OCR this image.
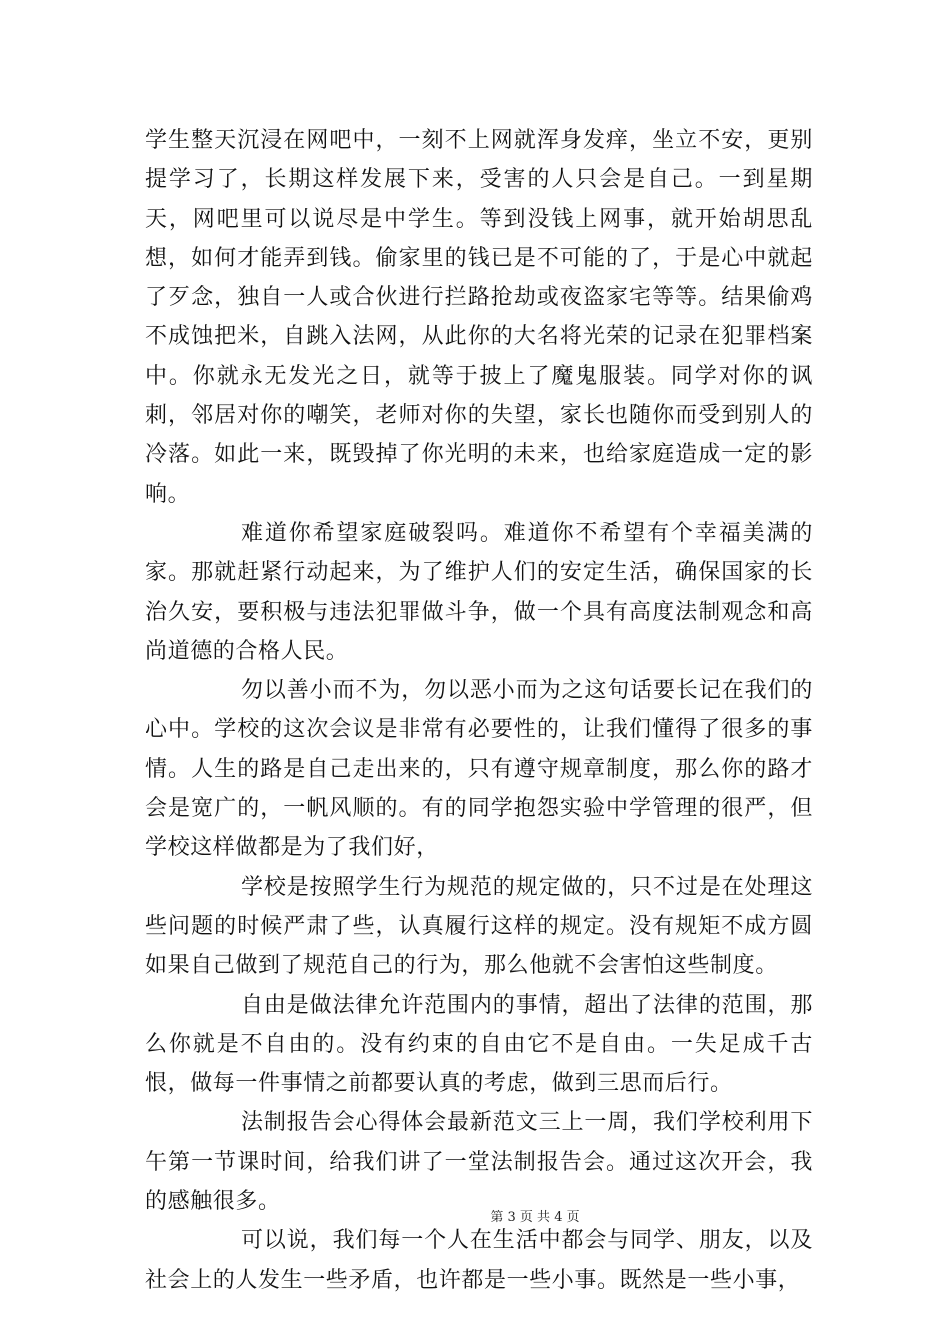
学生整天沉浸在网吧中，一刻不上网就浑身发痒，坐立不安，更别提学习了，长期这样发展下来，受害的人只会是自己。一到星期天，网吧里可以说尽是中学生。等到没钱上网事，就开始胡思乱想，如何才能弄到钱。偷家里的钱已是不可能的了，于是心中就起了歹念，独自一人或合伙进行拦路抢劫或夜盗家宅等等。结果偷鸡不成蚀把米，自跳入法网，从此你的大名将光荣的记录在犯罪档案中。你就永无发光之日，就等于披上了魔鬼服装。同学对你的讽刺，邻居对你的嘲笑，老师对你的失望，家长也随你而受到别人的冷落。如此一来，既毁掉了你光明的未来，也给家庭造成一定的影响。

难道你希望家庭破裂吗。难道你不希望有个幸福美满的家。那就赶紧行动起来，为了维护人们的安定生活，确保国家的长治久安，要积极与违法犯罪做斗争，做一个具有高度法制观念和高尚道德的合格人民。

勿以善小而不为，勿以恶小而为之这句话要长记在我们的心中。学校的这次会议是非常有必要性的，让我们懂得了很多的事情。人生的路是自己走出来的，只有遵守规章制度，那么你的路才会是宽广的，一帆风顺的。有的同学抱怨实验中学管理的很严，但学校这样做都是为了我们好，

学校是按照学生行为规范的规定做的，只不过是在处理这些问题的时候严肃了些，认真履行这样的规定。没有规矩不成方圆如果自己做到了规范自己的行为，那么他就不会害怕这些制度。

自由是做法律允许范围内的事情，超出了法律的范围，那么你就是不自由的。没有约束的自由它不是自由。一失足成千古恨，做每一件事情之前都要认真的考虑，做到三思而后行。

法制报告会心得体会最新范文三上一周，我们学校利用下午第一节课时间，给我们讲了一堂法制报告会。通过这次开会，我的感触很多。

可以说，我们每一个人在生活中都会与同学、朋友，以及社会上的人发生一些矛盾，也许都是一些小事。既然是一些小事，

第 3 页 共 4 页
